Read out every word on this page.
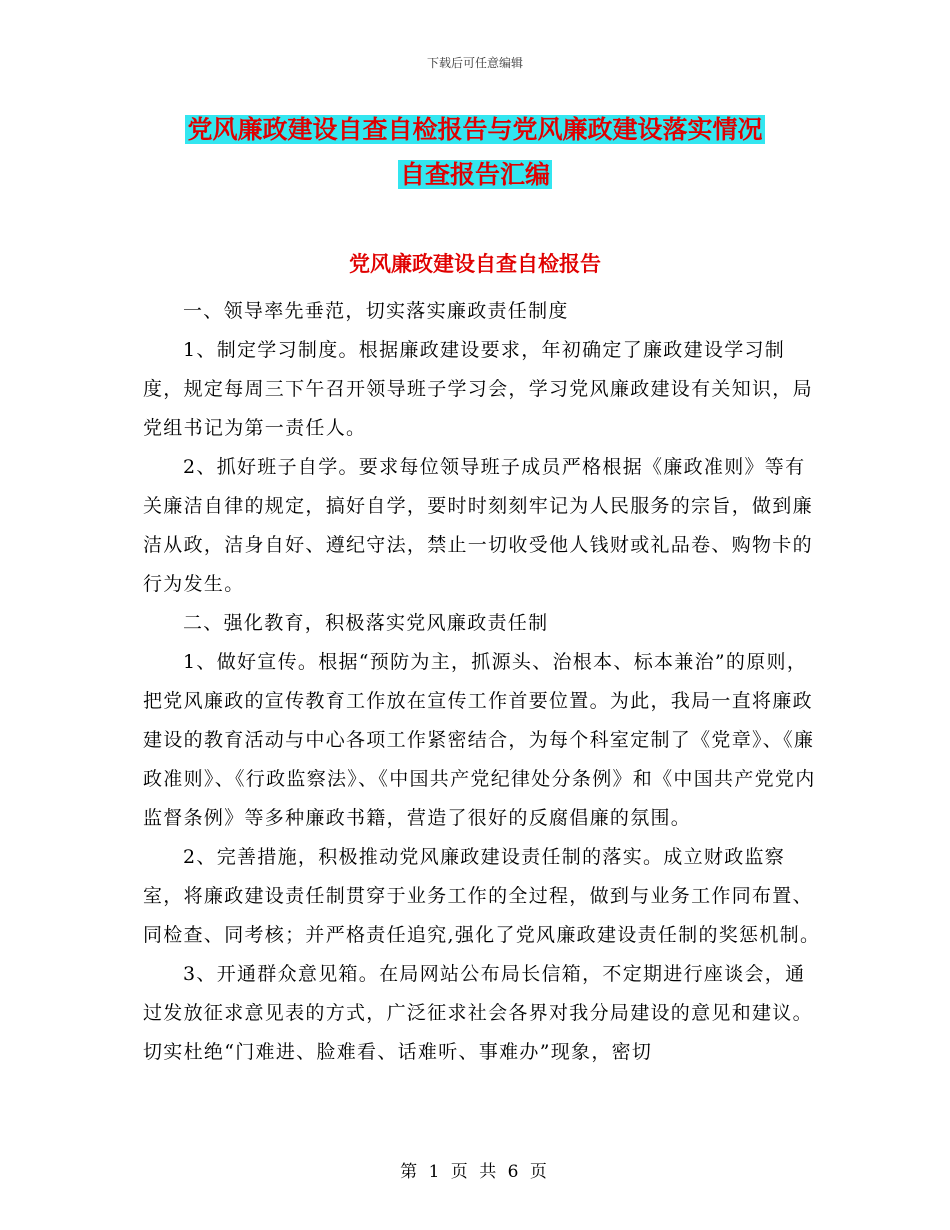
下载后可任意编辑
党风廉政建设自查自检报告与党风廉政建设落实情况
自查报告汇编
党风廉政建设自查自检报告

一、领导率先垂范，切实落实廉政责任制度

1、制定学习制度。根据廉政建设要求，年初确定了廉政建设学习制度，规定每周三下午召开领导班子学习会，学习党风廉政建设有关知识，局党组书记为第一责任人。

2、抓好班子自学。要求每位领导班子成员严格根据《廉政准则》等有关廉洁自律的规定，搞好自学，要时时刻刻牢记为人民服务的宗旨，做到廉洁从政，洁身自好、遵纪守法，禁止一切收受他人钱财或礼品卷、购物卡的行为发生。

二、强化教育，积极落实党风廉政责任制

1、做好宣传。根据“预防为主，抓源头、治根本、标本兼治”的原则，把党风廉政的宣传教育工作放在宣传工作首要位置。为此，我局一直将廉政建设的教育活动与中心各项工作紧密结合，为每个科室定制了《党章》、《廉政准则》、《行政监察法》、《中国共产党纪律处分条例》和《中国共产党党内监督条例》等多种廉政书籍，营造了很好的反腐倡廉的氛围。

2、完善措施，积极推动党风廉政建设责任制的落实。成立财政监察室，将廉政建设责任制贯穿于业务工作的全过程，做到与业务工作同布置、同检查、同考核；并严格责任追究,强化了党风廉政建设责任制的奖惩机制。

3、开通群众意见箱。在局网站公布局长信箱，不定期进行座谈会，通过发放征求意见表的方式，广泛征求社会各界对我分局建设的意见和建议。切实杜绝“门难进、脸难看、话难听、事难办”现象，密切

第 1 页 共 6 页
